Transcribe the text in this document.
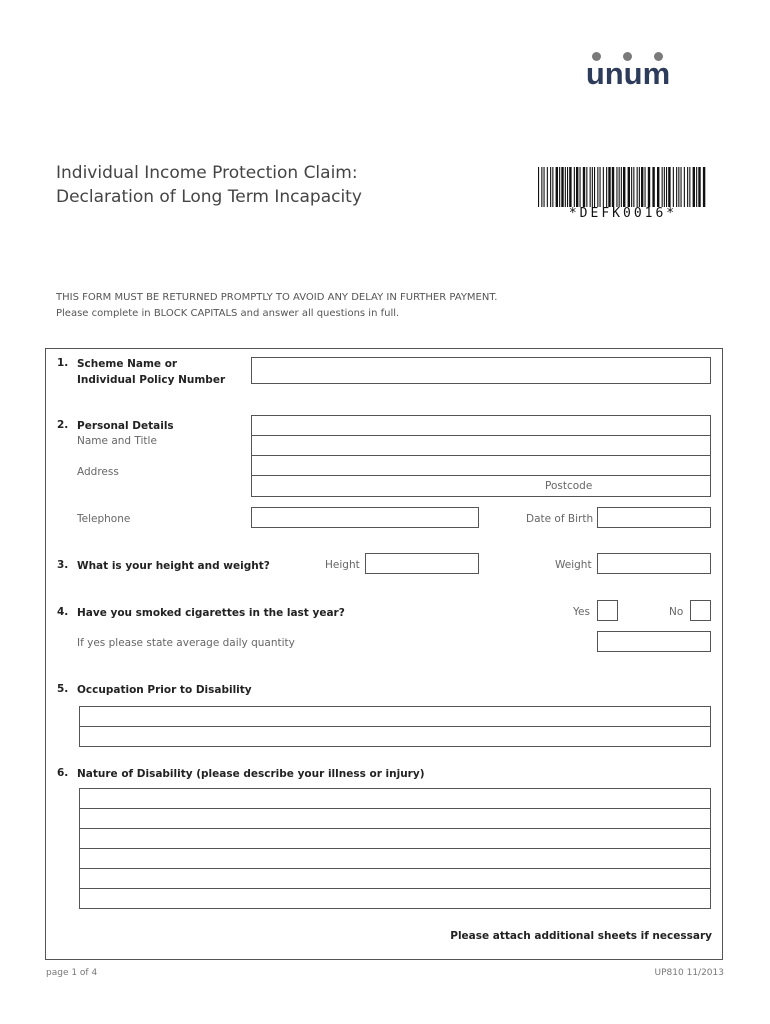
unum
Individual Income Protection Claim:
Declaration of Long Term Incapacity
*DEFK0016*
THIS FORM MUST BE RETURNED PROMPTLY TO AVOID ANY DELAY IN FURTHER PAYMENT.
Please complete in BLOCK CAPITALS and answer all questions in full.
1. Scheme Name or
Individual Policy Number
2. Personal Details
Name and Title
Address
Postcode
Telephone	Date of Birth
3. What is your height and weight?	Height	Weight
4. Have you smoked cigarettes in the last year?	Yes	No
If yes please state average daily quantity
5. Occupation Prior to Disability
6. Nature of Disability (please describe your illness or injury)
Please attach additional sheets if necessary
page 1 of 4	UP810 11/2013
